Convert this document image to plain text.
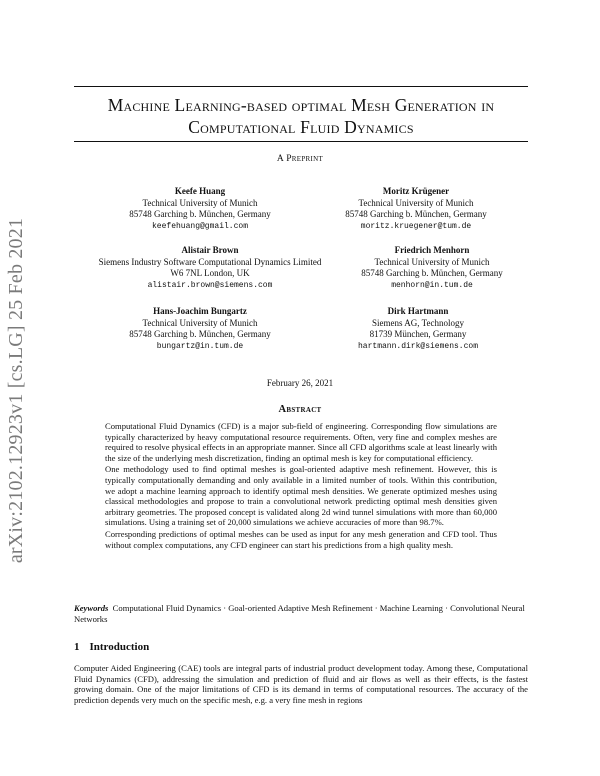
arXiv:2102.12923v1 [cs.LG] 25 Feb 2021
Machine Learning-based optimal Mesh Generation in Computational Fluid Dynamics
A Preprint
Keefe Huang
Technical University of Munich
85748 Garching b. München, Germany
keefehuang@gmail.com
Moritz Krügener
Technical University of Munich
85748 Garching b. München, Germany
moritz.kruegener@tum.de
Alistair Brown
Siemens Industry Software Computational Dynamics Limited
W6 7NL London, UK
alistair.brown@siemens.com
Friedrich Menhorn
Technical University of Munich
85748 Garching b. München, Germany
menhorn@in.tum.de
Hans-Joachim Bungartz
Technical University of Munich
85748 Garching b. München, Germany
bungartz@in.tum.de
Dirk Hartmann
Siemens AG, Technology
81739 München, Germany
hartmann.dirk@siemens.com
February 26, 2021
Abstract

Computational Fluid Dynamics (CFD) is a major sub-field of engineering. Corresponding flow simulations are typically characterized by heavy computational resource requirements. Often, very fine and complex meshes are required to resolve physical effects in an appropriate manner. Since all CFD algorithms scale at least linearly with the size of the underlying mesh discretization, finding an optimal mesh is key for computational efficiency.

One methodology used to find optimal meshes is goal-oriented adaptive mesh refinement. However, this is typically computationally demanding and only available in a limited number of tools. Within this contribution, we adopt a machine learning approach to identify optimal mesh densities. We generate optimized meshes using classical methodologies and propose to train a convolutional network predicting optimal mesh densities given arbitrary geometries. The proposed concept is validated along 2d wind tunnel simulations with more than 60,000 simulations. Using a training set of 20,000 simulations we achieve accuracies of more than 98.7%.

Corresponding predictions of optimal meshes can be used as input for any mesh generation and CFD tool. Thus without complex computations, any CFD engineer can start his predictions from a high quality mesh.

Keywords Computational Fluid Dynamics · Goal-oriented Adaptive Mesh Refinement · Machine Learning · Convolutional Neural Networks
1 Introduction
Computer Aided Engineering (CAE) tools are integral parts of industrial product development today. Among these, Computational Fluid Dynamics (CFD), addressing the simulation and prediction of fluid and air flows as well as their effects, is the fastest growing domain. One of the major limitations of CFD is its demand in terms of computational resources. The accuracy of the prediction depends very much on the specific mesh, e.g. a very fine mesh in regions
